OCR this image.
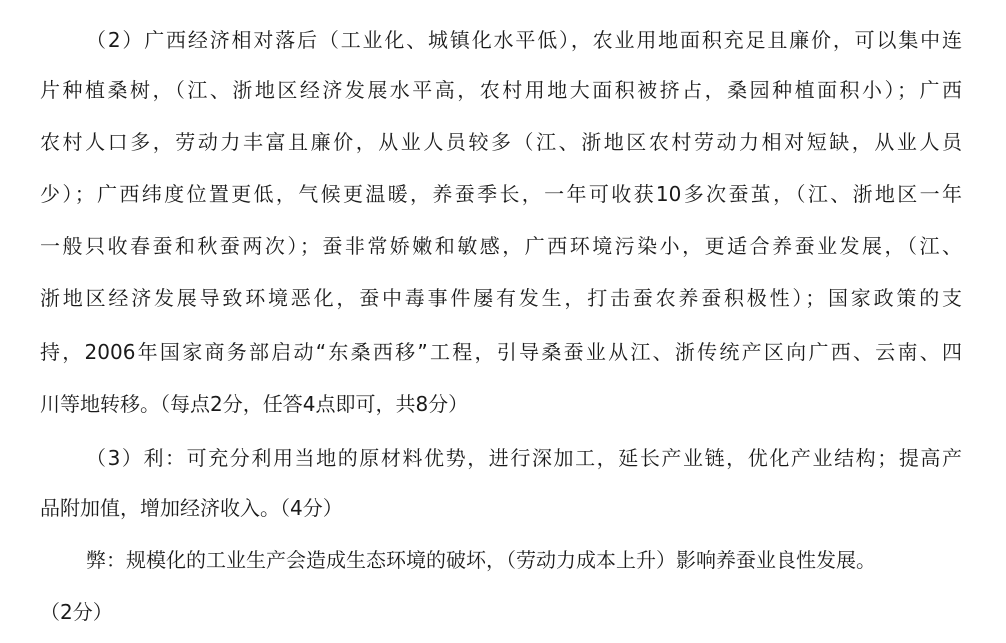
（2）广西经济相对落后（工业化、城镇化水平低），农业用地面积充足且廉价，可以集中连
片种植桑树，（江、浙地区经济发展水平高，农村用地大面积被挤占，桑园种植面积小）；广西
农村人口多，劳动力丰富且廉价，从业人员较多（江、浙地区农村劳动力相对短缺，从业人员
少）；广西纬度位置更低，气候更温暖，养蚕季长，一年可收获10多次蚕茧，（江、浙地区一年
一般只收春蚕和秋蚕两次）；蚕非常娇嫩和敏感，广西环境污染小，更适合养蚕业发展，（江、
浙地区经济发展导致环境恶化，蚕中毒事件屡有发生，打击蚕农养蚕积极性）；国家政策的支
持，2006年国家商务部启动“东桑西移”工程，引导桑蚕业从江、浙传统产区向广西、云南、四
川等地转移。（每点2分，任答4点即可，共8分）
（3）利：可充分利用当地的原材料优势，进行深加工，延长产业链，优化产业结构；提高产
品附加值，增加经济收入。（4分）
弊：规模化的工业生产会造成生态环境的破坏，（劳动力成本上升）影响养蚕业良性发展。
（2分）
